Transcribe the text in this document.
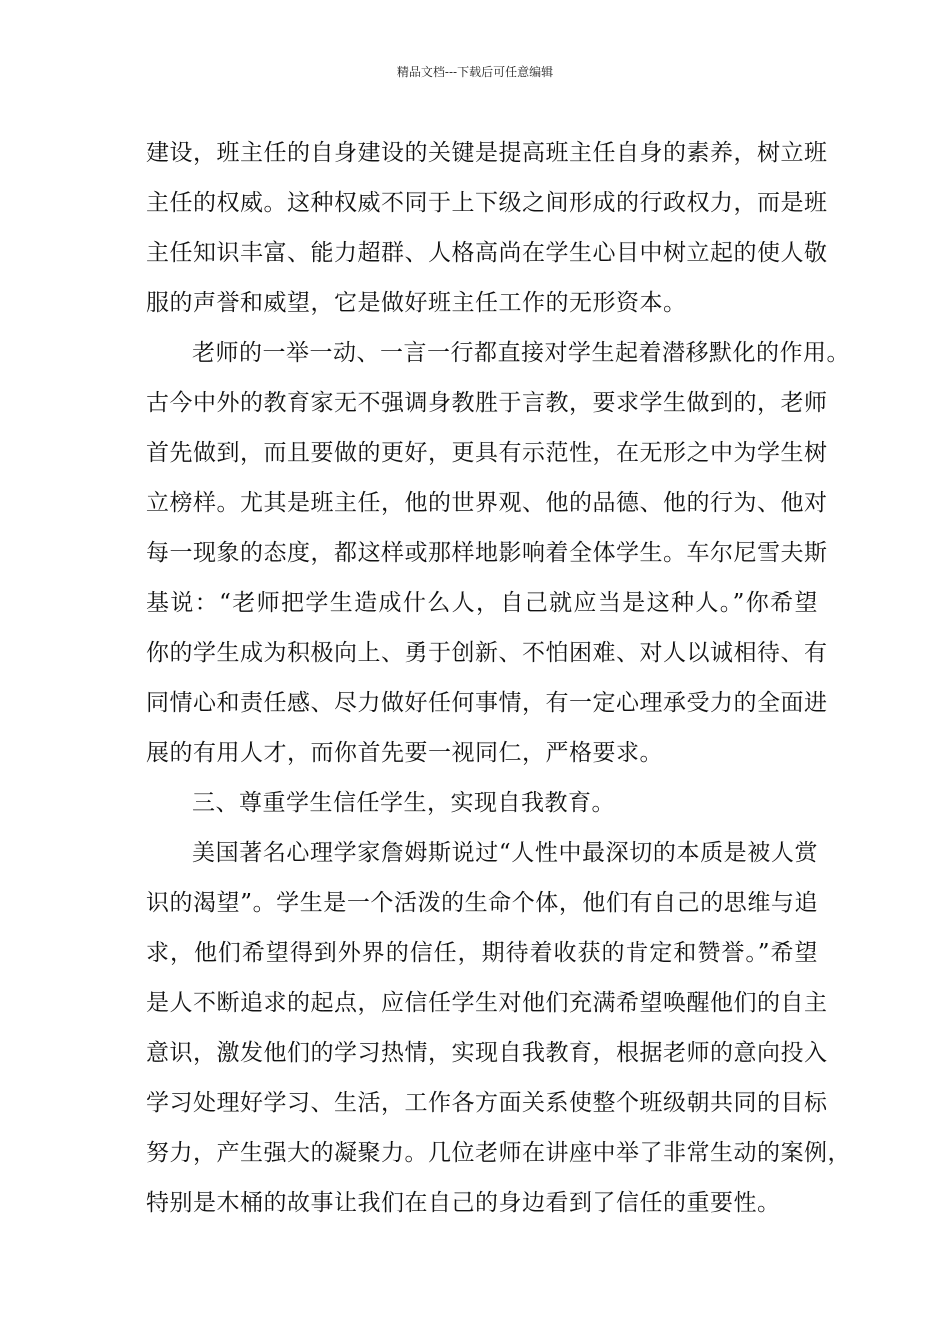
精品文档---下载后可任意编辑
建设，班主任的自身建设的关键是提高班主任自身的素养，树立班
主任的权威。这种权威不同于上下级之间形成的行政权力，而是班
主任知识丰富、能力超群、人格高尚在学生心目中树立起的使人敬
服的声誉和威望，它是做好班主任工作的无形资本。
老师的一举一动、一言一行都直接对学生起着潜移默化的作用。
古今中外的教育家无不强调身教胜于言教，要求学生做到的，老师
首先做到，而且要做的更好，更具有示范性，在无形之中为学生树
立榜样。尤其是班主任，他的世界观、他的品德、他的行为、他对
每一现象的态度，都这样或那样地影响着全体学生。车尔尼雪夫斯
基说：“老师把学生造成什么人，自己就应当是这种人。”你希望
你的学生成为积极向上、勇于创新、不怕困难、对人以诚相待、有
同情心和责任感、尽力做好任何事情，有一定心理承受力的全面进
展的有用人才，而你首先要一视同仁，严格要求。
三、尊重学生信任学生，实现自我教育。
美国著名心理学家詹姆斯说过“人性中最深切的本质是被人赏
识的渴望”。学生是一个活泼的生命个体，他们有自己的思维与追
求，他们希望得到外界的信任，期待着收获的肯定和赞誉。”希望
是人不断追求的起点，应信任学生对他们充满希望唤醒他们的自主
意识，激发他们的学习热情，实现自我教育，根据老师的意向投入
学习处理好学习、生活，工作各方面关系使整个班级朝共同的目标
努力，产生强大的凝聚力。几位老师在讲座中举了非常生动的案例，
特别是木桶的故事让我们在自己的身边看到了信任的重要性。
